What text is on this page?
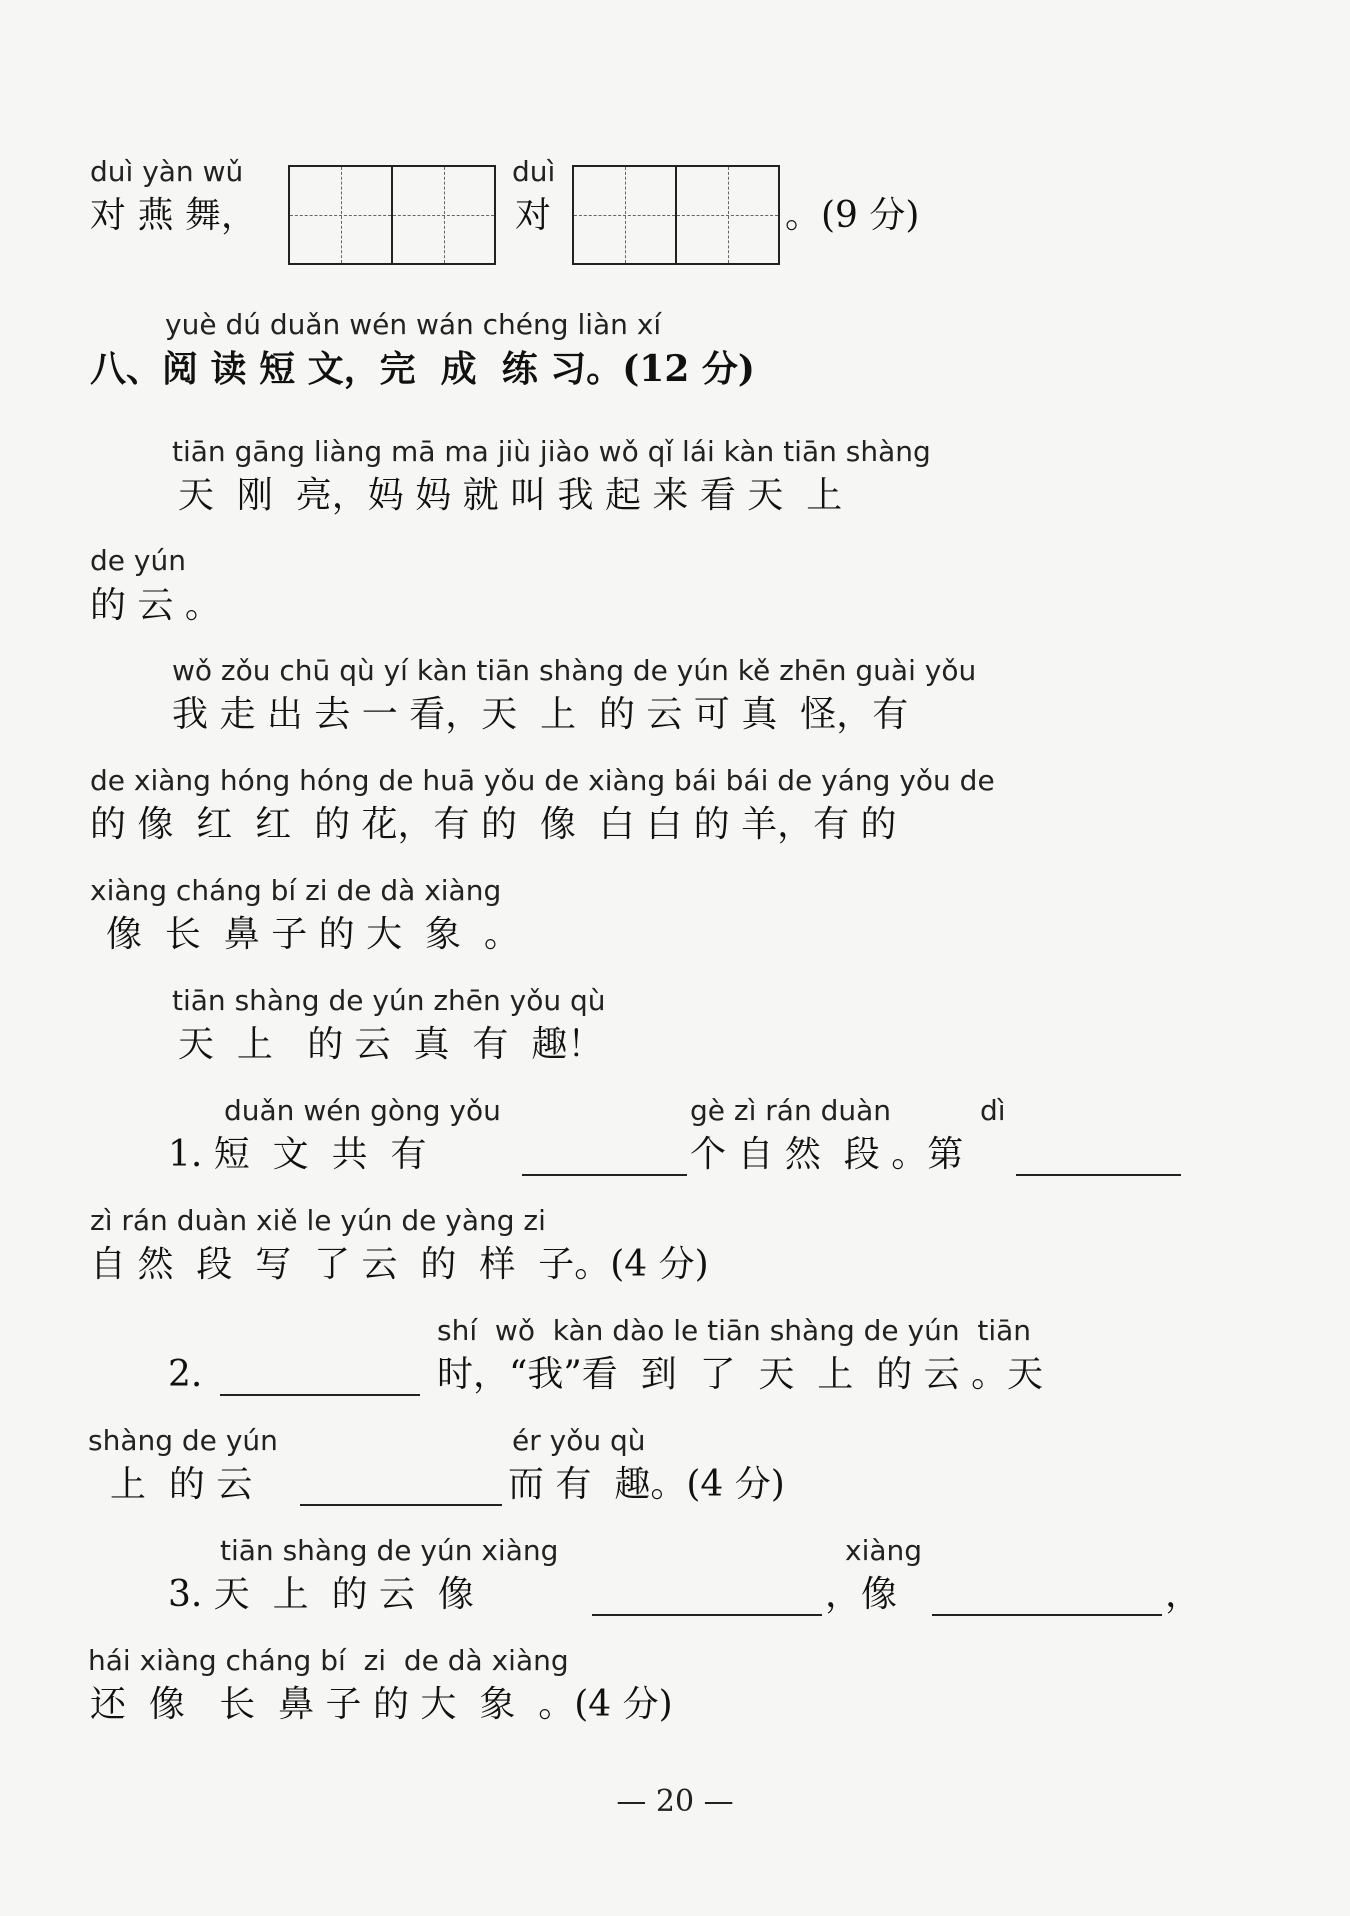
duì yàn wǔ
对 燕 舞，
duì
对	。(9 分)
yuè dú duǎn wén wán chéng liàn xí
八、阅 读 短 文，完  成  练 习。(12 分)
tiān gāng liàng mā ma jiù jiào wǒ qǐ lái kàn tiān shàng
天  刚  亮，妈 妈 就 叫 我 起 来 看 天  上
de yún
的 云 。
wǒ zǒu chū qù yí kàn tiān shàng de yún kě zhēn guài yǒu
我 走 出 去 一 看，天  上  的 云 可 真  怪，有
de xiàng hóng hóng de huā yǒu de xiàng bái bái de yáng yǒu de
的 像  红  红  的 花，有 的  像  白 白 的 羊，有 的
xiàng cháng bí zi de dà xiàng
像  长  鼻 子 的 大  象  。
tiān shàng de yún zhēn yǒu qù
天  上   的 云  真  有  趣！
duǎn wén gòng yǒu	gè zì rán duàn	dì
1. 短  文  共  有	个 自 然  段 。第
zì rán duàn xiě le yún de yàng zi
自 然  段  写  了 云  的  样  子。(4 分)
shí  wǒ  kàn dào le tiān shàng de yún  tiān
2.	时，“我”看  到  了  天  上  的 云 。天
shàng de yún	ér yǒu qù
上  的 云	而 有  趣。(4 分)
tiān shàng de yún xiàng	xiàng
3. 天  上  的 云  像	，像	，
hái xiàng cháng bí  zi  de dà xiàng
还  像   长  鼻 子 的 大  象  。(4 分)
— 20 —
